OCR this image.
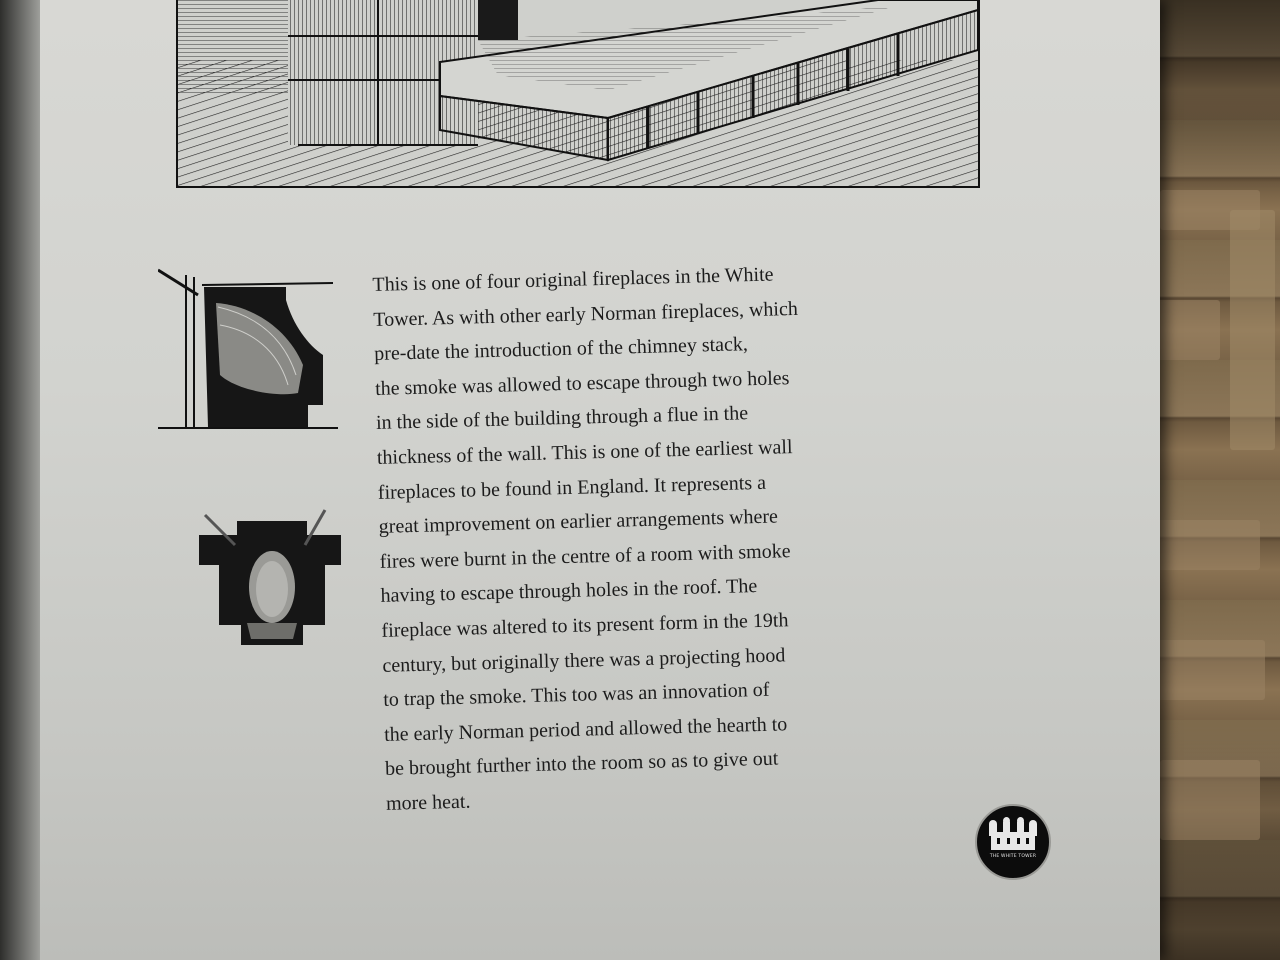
This is one of four original fireplaces in the White
Tower. As with other early Norman fireplaces, which
pre-date the introduction of the chimney stack,
the smoke was allowed to escape through two holes
in the side of the building through a flue in the
thickness of the wall. This is one of the earliest wall
fireplaces to be found in England. It represents a
great improvement on earlier arrangements where
fires were burnt in the centre of a room with smoke
having to escape through holes in the roof. The
fireplace was altered to its present form in the 19th
century, but originally there was a projecting hood
to trap the smoke. This too was an innovation of
the early Norman period and allowed the hearth to
be brought further into the room so as to give out
more heat.
THE WHITE TOWER
